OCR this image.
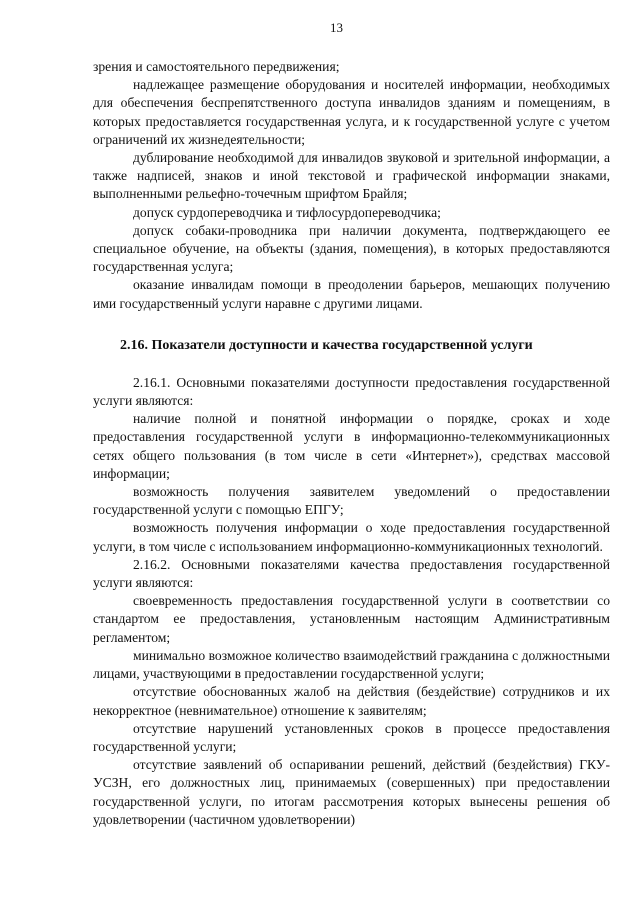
13

зрения и самостоятельного передвижения;

надлежащее размещение оборудования и носителей информации, необходимых для обеспечения беспрепятственного доступа инвалидов зданиям и помещениям, в которых предоставляется государственная услуга, и к государственной услуге с учетом ограничений их жизнедеятельности;

дублирование необходимой для инвалидов звуковой и зрительной информации, а также надписей, знаков и иной текстовой и графической информации знаками, выполненными рельефно-точечным шрифтом Брайля;

допуск сурдопереводчика и тифлосурдопереводчика;

допуск собаки-проводника при наличии документа, подтверждающего ее специальное обучение, на объекты (здания, помещения), в которых предоставляются государственная услуга;

оказание инвалидам помощи в преодолении барьеров, мешающих получению ими государственный услуги наравне с другими лицами.

2.16. Показатели доступности и качества государственной услуги

2.16.1. Основными показателями доступности предоставления государственной услуги являются:

наличие полной и понятной информации о порядке, сроках и ходе предоставления государственной услуги в информационно-телекоммуникационных сетях общего пользования (в том числе в сети «Интернет»), средствах массовой информации;

возможность получения заявителем уведомлений о предоставлении государственной услуги с помощью ЕПГУ;

возможность получения информации о ходе предоставления государственной услуги, в том числе с использованием информационно-коммуникационных технологий.

2.16.2. Основными показателями качества предоставления государственной услуги являются:

своевременность предоставления государственной услуги в соответствии со стандартом ее предоставления, установленным настоящим Административным регламентом;

минимально возможное количество взаимодействий гражданина с должностными лицами, участвующими в предоставлении государственной услуги;

отсутствие обоснованных жалоб на действия (бездействие) сотрудников и их некорректное (невнимательное) отношение к заявителям;

отсутствие нарушений установленных сроков в процессе предоставления государственной услуги;

отсутствие заявлений об оспаривании решений, действий (бездействия) ГКУ-УСЗН, его должностных лиц, принимаемых (совершенных) при предоставлении государственной услуги, по итогам рассмотрения которых вынесены решения об удовлетворении (частичном удовлетворении)
